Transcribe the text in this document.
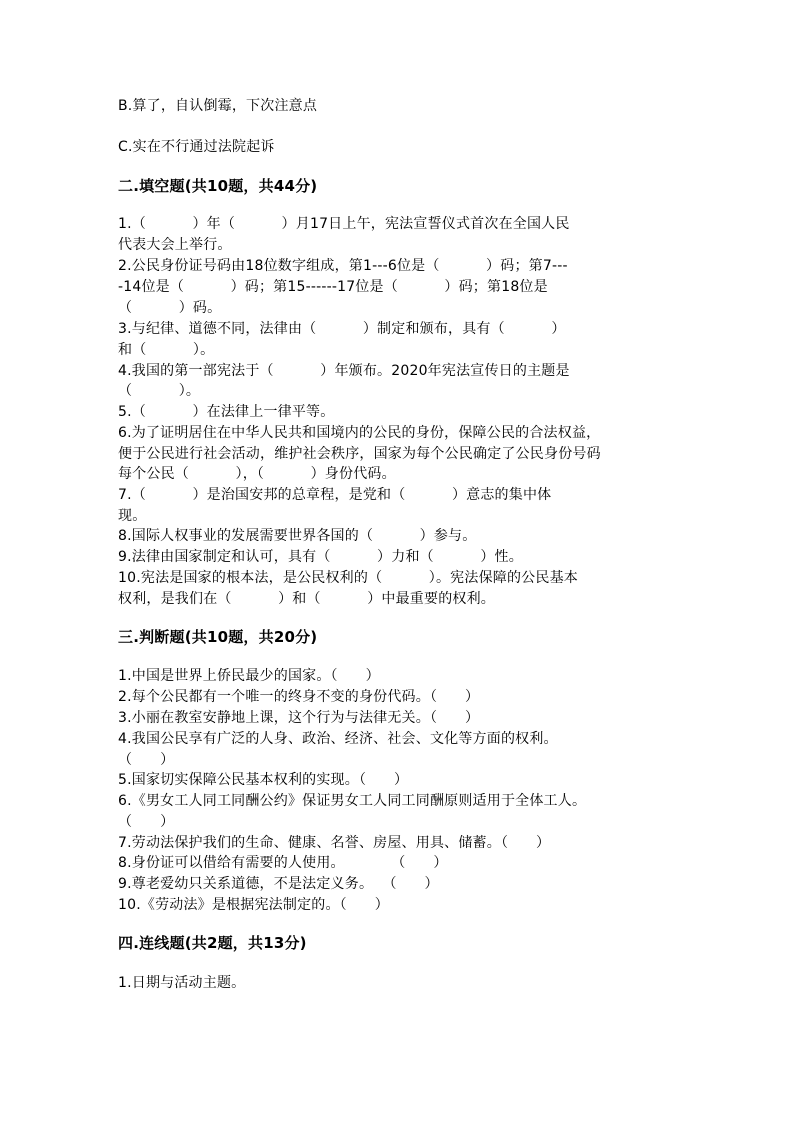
B.算了，自认倒霉，下次注意点
C.实在不行通过法院起诉
二.填空题(共10题，共44分)
1.（          ）年（          ）月17日上午，宪法宣誓仪式首次在全国人民
代表大会上举行。
2.公民身份证号码由18位数字组成，第1---6位是（          ）码；第7---
-14位是（          ）码；第15------17位是（          ）码；第18位是
（          ）码。
3.与纪律、道德不同，法律由（          ）制定和颁布，具有（          ）
和（          ）。
4.我国的第一部宪法于（          ）年颁布。2020年宪法宣传日的主题是
（          ）。
5.（          ）在法律上一律平等。
6.为了证明居住在中华人民共和国境内的公民的身份，保障公民的合法权益，
便于公民进行社会活动，维护社会秩序，国家为每个公民确定了公民身份号码
每个公民（          ），（          ）身份代码。
7.（          ）是治国安邦的总章程，是党和（          ）意志的集中体
现。
8.国际人权事业的发展需要世界各国的（          ）参与。
9.法律由国家制定和认可，具有（          ）力和（          ）性。
10.宪法是国家的根本法，是公民权利的（          ）。宪法保障的公民基本
权利，是我们在（          ）和（          ）中最重要的权利。
三.判断题(共10题，共20分)
1.中国是世界上侨民最少的国家。（      ）
2.每个公民都有一个唯一的终身不变的身份代码。（      ）
3.小丽在教室安静地上课，这个行为与法律无关。（      ）
4.我国公民享有广泛的人身、政治、经济、社会、文化等方面的权利。
（      ）
5.国家切实保障公民基本权利的实现。（      ）
6.《男女工人同工同酬公约》保证男女工人同工同酬原则适用于全体工人。
（      ）
7.劳动法保护我们的生命、健康、名誉、房屋、用具、储蓄。（      ）
8.身份证可以借给有需要的人使用。          （      ）
9.尊老爱幼只关系道德，不是法定义务。  （      ）
10.《劳动法》是根据宪法制定的。（      ）
四.连线题(共2题，共13分)
1.日期与活动主题。
